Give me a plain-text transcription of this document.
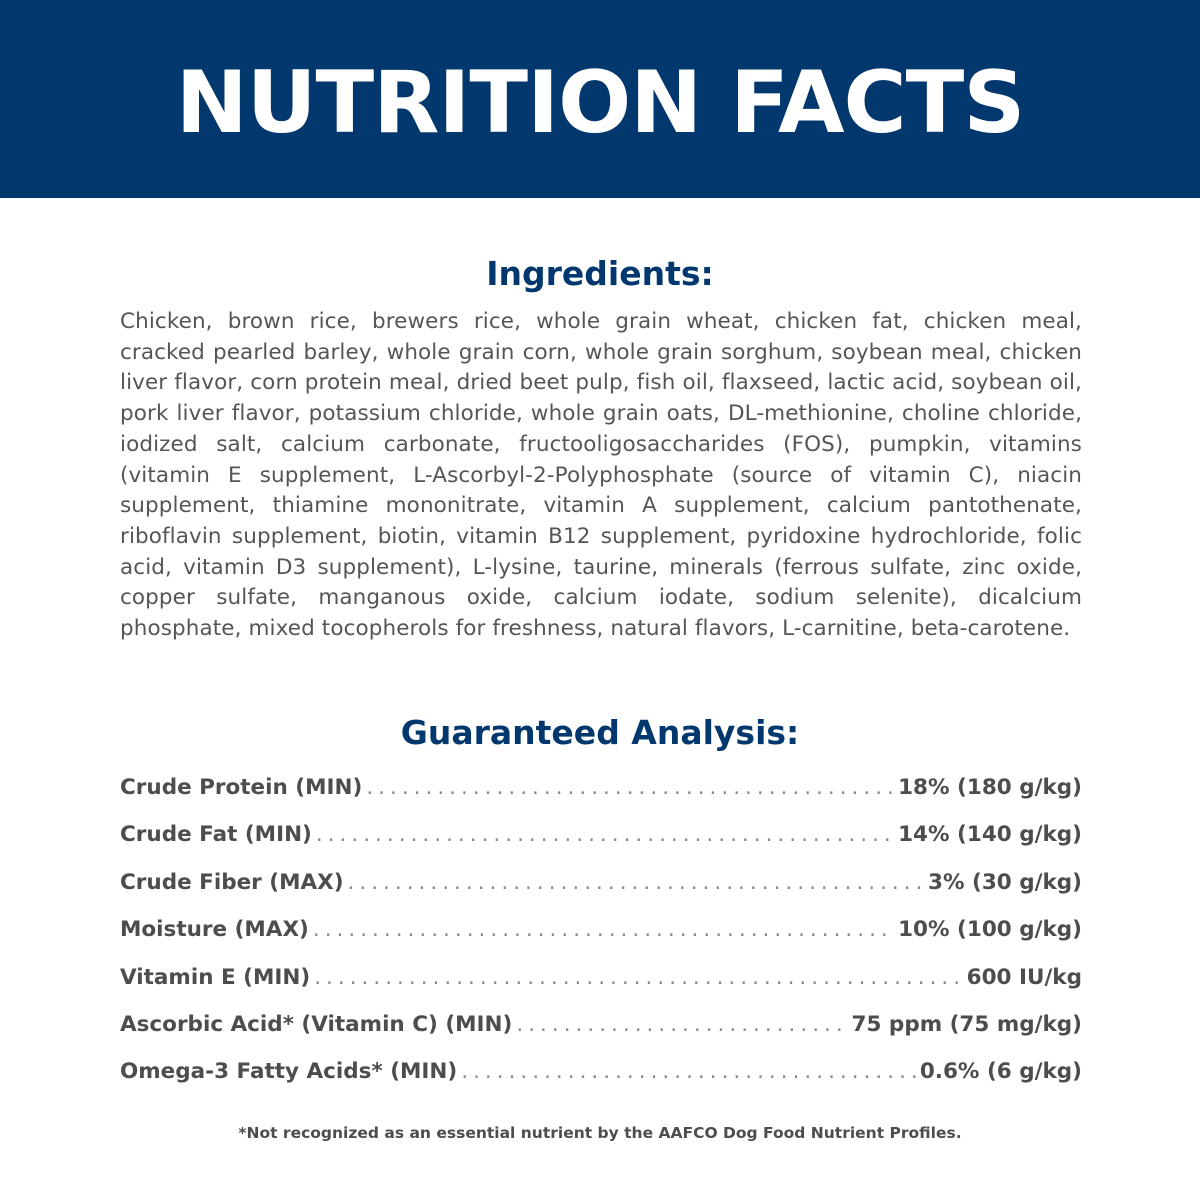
NUTRITION FACTS
Ingredients:
Chicken, brown rice, brewers rice, whole grain wheat, chicken fat, chicken meal, cracked pearled barley, whole grain corn, whole grain sorghum, soybean meal, chicken liver flavor, corn protein meal, dried beet pulp, fish oil, flaxseed, lactic acid, soybean oil, pork liver flavor, potassium chloride, whole grain oats, DL-methionine, choline chloride, iodized salt, calcium carbonate, fructooligosaccharides (FOS), pumpkin, vitamins (vitamin E supplement, L-Ascorbyl-2-Polyphosphate (source of vitamin C), niacin supplement, thiamine mononitrate, vitamin A supplement, calcium pantothenate, riboflavin supplement, biotin, vitamin B12 supplement, pyridoxine hydrochloride, folic acid, vitamin D3 supplement), L-lysine, taurine, minerals (ferrous sulfate, zinc oxide, copper sulfate, manganous oxide, calcium iodate, sodium selenite), dicalcium phosphate, mixed tocopherols for freshness, natural flavors, L-carnitine, beta-carotene.
Guaranteed Analysis:
Crude Protein (MIN) .....	18% (180 g/kg)
Crude Fat (MIN) .....	14% (140 g/kg)
Crude Fiber (MAX) .....	3% (30 g/kg)
Moisture (MAX) .....	10% (100 g/kg)
Vitamin E (MIN) .....	600 IU/kg
Ascorbic Acid* (Vitamin C) (MIN) .....	75 ppm (75 mg/kg)
Omega-3 Fatty Acids* (MIN) .....	0.6% (6 g/kg)
*Not recognized as an essential nutrient by the AAFCO Dog Food Nutrient Profiles.
